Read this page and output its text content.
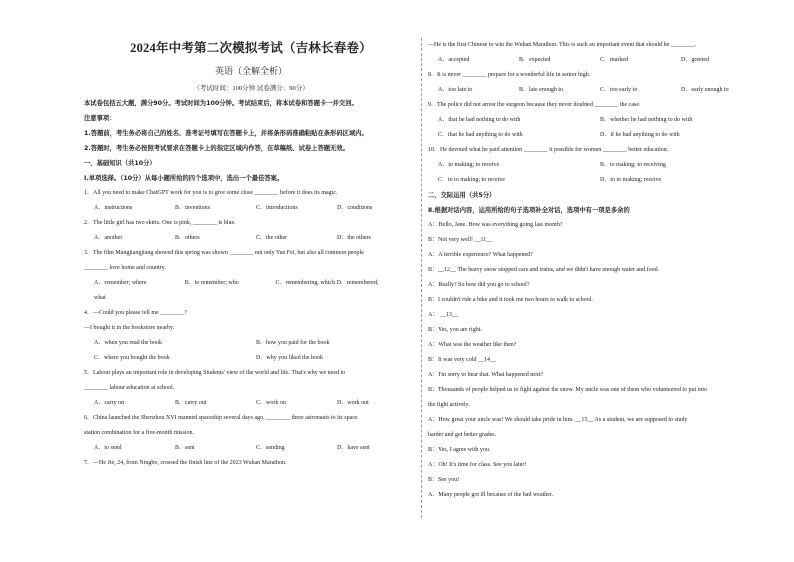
2024年中考第二次模拟考试（吉林长春卷）
英语（全解全析）
（考试时间：100分钟 试卷满分：90分）
本试卷包括五大题，满分90分。考试时间为100分钟。考试结束后，将本试卷和答题卡一并交回。
注意事项：
1.答题前，考生务必将自己的姓名、准考证号填写在答题卡上，并将条形码准确粘贴在条形码区域内。
2.答题时，考生务必按照考试要求在答题卡上的指定区域内作答，在草稿纸、试卷上答题无效。
一、基础知识（共10分）
Ⅰ.单项选择。（10分）从每小题所给的四个选项中，选出一个最佳答案。
1．All you need to make ChatGPT work for you is to give some close ________ before it does its magic.
A．instructions	B．inventions	C．introductions	D．conditions
2．The little girl has two skirts. One is pink, ________ is blue.
A．another	B．others	C．the other	D．the others
3．The film Mangjiangjiang showed this spring was shown ________ not only Yue Fei, but also all common people
________ love home and country.
A．remember; where	B．to remember; who	C．remembering, which D．remembered,
what
4．—Could you please tell me ________?
—I bought it in the bookstore nearby.
A．when you read the book	B．how you paid for the book
C．where you bought the book	D．why you liked the book
5．Labour plays an important role in developing Students' view of the world and life. That's why we need to
________ labour education at school.
A．carry on	B．carry out	C．work on	D．work out
6．China launched the Shenzhou XVI manned spaceship several days ago, ________ three astronauts to its space
station combination for a five-month mission.
A．to send	B．sent	C．sending	D．have sent
7．—He Jie, 24, from Ningbo, crossed the finish line of the 2023 Wuhan Marathon.
—He is the first Chinese to win the Wuhan Marathon. This is such an important event that should be ________.
A．accepted	B．expected	C．marked	D．greeted
8．It is never ________ prepare for a wonderful life in senior high.
A．too late to	B．late enough to	C．too early to	D．early enough to
9．The police did not arrest the surgeon because they never doubted ________ the case.
A．that he had nothing to do with	B．whether he had nothing to do with
C．that he had anything to do with	D．if he had anything to do with
10．He devoted what he paid attention ________ it possible for women ________ better education.
A．to making; to receive	B．to making; to receiving
C．to to making; to receive	D．to to making; receive
二、交际运用（共5分）
Ⅱ.根据对话内容，运用所给的句子选项补全对话，选项中有一项是多余的
A：Hello, Jane. How was everything going last month?
B：Not very well! __11__
A：A terrible experience? What happened?
B：__12__ The heavy snow stopped cars and trains, and we didn't have enough water and food.
A：Really? So how did you go to school?
B：I couldn't ride a bike and it took me two hours to walk to school.
A： __13__
B：Yes, you are right.
A：What was the weather like then?
B：It was very cold __14__
A：I'm sorry to hear that. What happened next?
B：Thousands of people helped us to fight against the snow. My uncle was one of them who volunteered to put into
the fight actively.
A：How great your uncle was! We should take pride in him. __15__ As a student, we are supposed to study
harder and get better grades.
B：Yes, I agree with you.
A：Oh! It's time for class. See you later!
B：See you!
A．Many people got ill because of the bad weather.
